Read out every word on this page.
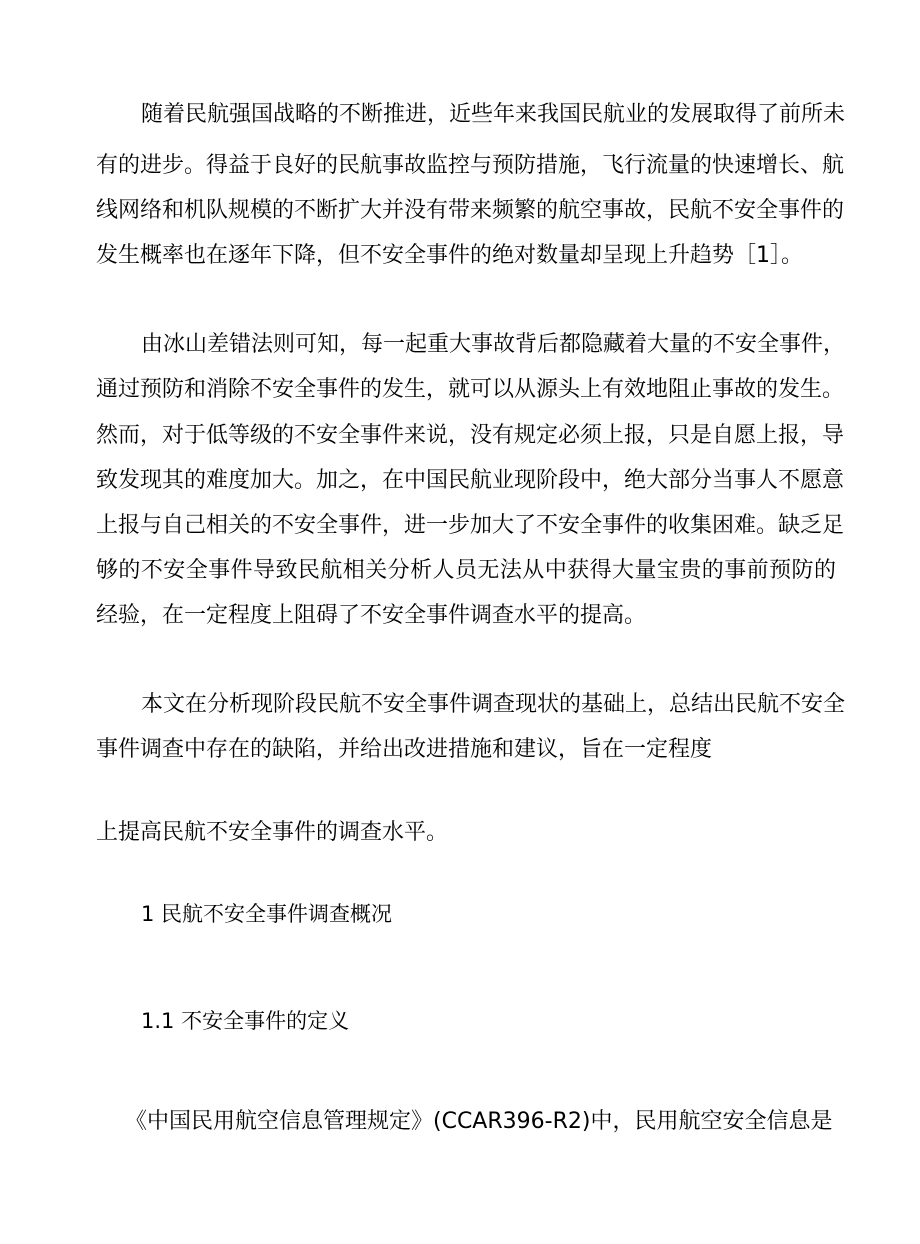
随着民航强国战略的不断推进，近些年来我国民航业的发展取得了前所未
有的进步。得益于良好的民航事故监控与预防措施，飞行流量的快速增长、航
线网络和机队规模的不断扩大并没有带来频繁的航空事故，民航不安全事件的
发生概率也在逐年下降，但不安全事件的绝对数量却呈现上升趋势［1］。
由冰山差错法则可知，每一起重大事故背后都隐藏着大量的不安全事件，
通过预防和消除不安全事件的发生，就可以从源头上有效地阻止事故的发生。
然而，对于低等级的不安全事件来说，没有规定必须上报，只是自愿上报，导
致发现其的难度加大。加之，在中国民航业现阶段中，绝大部分当事人不愿意
上报与自己相关的不安全事件，进一步加大了不安全事件的收集困难。缺乏足
够的不安全事件导致民航相关分析人员无法从中获得大量宝贵的事前预防的
经验，在一定程度上阻碍了不安全事件调查水平的提高。
本文在分析现阶段民航不安全事件调查现状的基础上，总结出民航不安全
事件调查中存在的缺陷，并给出改进措施和建议，旨在一定程度
上提高民航不安全事件的调查水平。
1 民航不安全事件调查概况
1.1 不安全事件的定义
《中国民用航空信息管理规定》(CCAR396-R2)中，民用航空安全信息是
